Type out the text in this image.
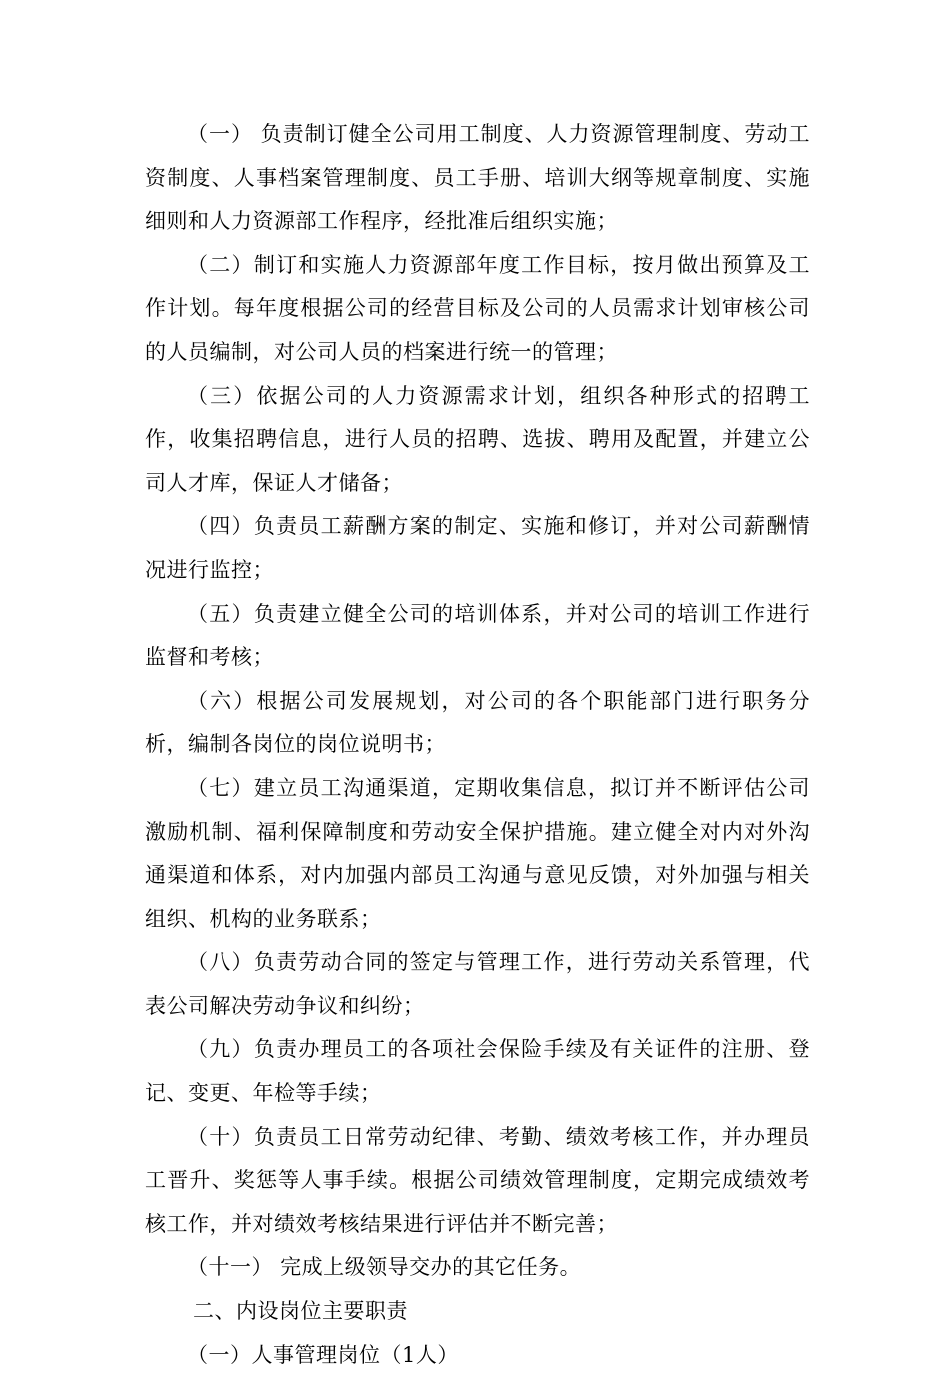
（一） 负责制订健全公司用工制度、人力资源管理制度、劳动工资制度、人事档案管理制度、员工手册、培训大纲等规章制度、实施细则和人力资源部工作程序，经批准后组织实施；

（二）制订和实施人力资源部年度工作目标，按月做出预算及工作计划。每年度根据公司的经营目标及公司的人员需求计划审核公司的人员编制，对公司人员的档案进行统一的管理；

（三）依据公司的人力资源需求计划，组织各种形式的招聘工作，收集招聘信息，进行人员的招聘、选拔、聘用及配置，并建立公司人才库，保证人才储备；

（四）负责员工薪酬方案的制定、实施和修订，并对公司薪酬情况进行监控；

（五）负责建立健全公司的培训体系，并对公司的培训工作进行监督和考核；

（六）根据公司发展规划，对公司的各个职能部门进行职务分析，编制各岗位的岗位说明书；

（七）建立员工沟通渠道，定期收集信息，拟订并不断评估公司激励机制、福利保障制度和劳动安全保护措施。建立健全对内对外沟通渠道和体系，对内加强内部员工沟通与意见反馈，对外加强与相关组织、机构的业务联系；

（八）负责劳动合同的签定与管理工作，进行劳动关系管理，代表公司解决劳动争议和纠纷；

（九）负责办理员工的各项社会保险手续及有关证件的注册、登记、变更、年检等手续；

（十）负责员工日常劳动纪律、考勤、绩效考核工作，并办理员工晋升、奖惩等人事手续。根据公司绩效管理制度，定期完成绩效考核工作，并对绩效考核结果进行评估并不断完善；

（十一） 完成上级领导交办的其它任务。

二、内设岗位主要职责

（一）人事管理岗位（1人）
